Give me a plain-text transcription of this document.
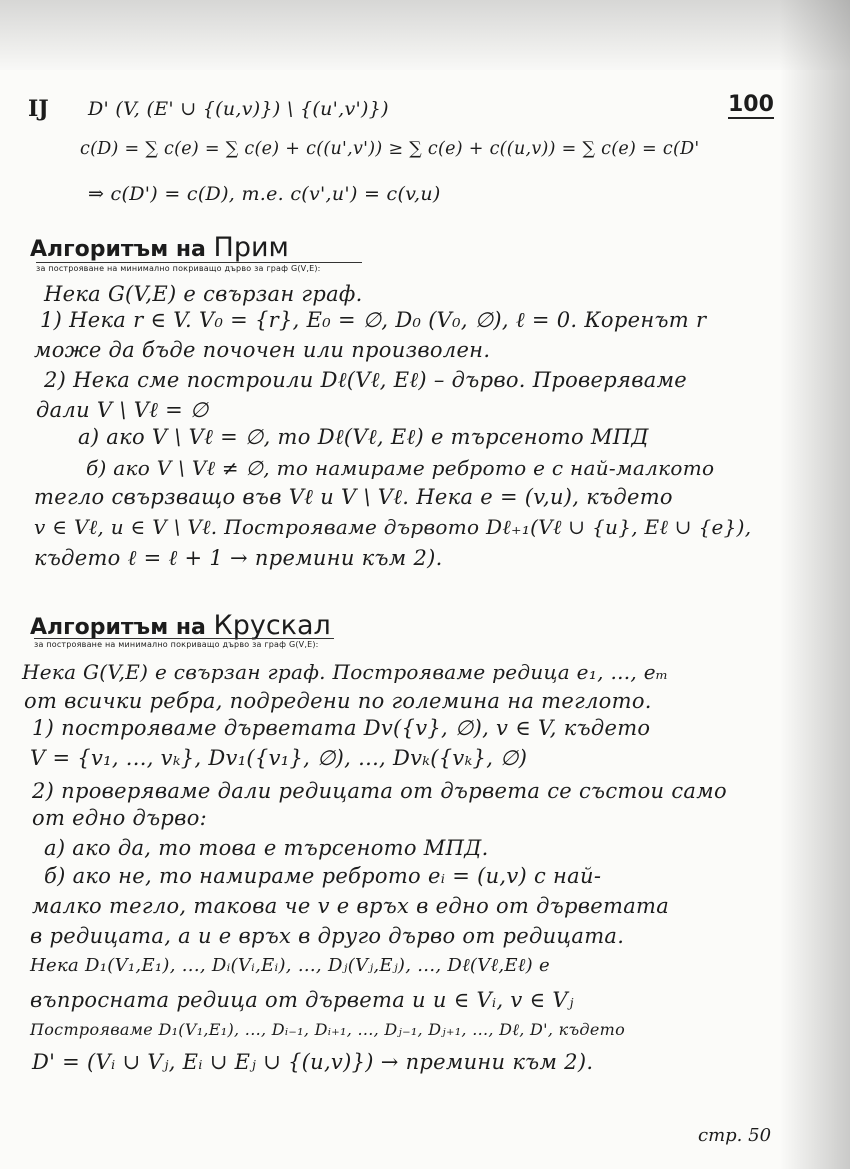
IJ	100
D' (V, (E' ∪ {(u,v)}) \ {(u',v')})
c(D) = ∑ c(e) = ∑ c(e) + c((u',v')) ≥ ∑ c(e) + c((u,v)) = ∑ c(e) = c(D'
⇒ c(D') = c(D), т.е. c(v',u') = c(v,u)
Алгоритъм на Прим
за построяване на минимално покриващо дърво за граф G(V,E):
Нека G(V,E) е свързан граф.
1) Нека r ∈ V. V₀ = {r}, E₀ = ∅, D₀ (V₀, ∅), ℓ = 0. Коренът r
може да бъде почочен или произволен.
2) Нека сме построили Dℓ(Vℓ, Eℓ) – дърво. Проверяваме
дали V \ Vℓ = ∅
а) ако V \ Vℓ = ∅, то Dℓ(Vℓ, Eℓ) е търсеното МПД
б) ако V \ Vℓ ≠ ∅, то намираме реброто e с най-малкото
тегло свързващо във Vℓ и V \ Vℓ. Нека e = (v,u), където
v ∈ Vℓ, u ∈ V \ Vℓ. Построяваме дървото Dℓ₊₁(Vℓ ∪ {u}, Eℓ ∪ {e}),
където ℓ = ℓ + 1 → премини към 2).
Алгоритъм на Крускал
за построяване на минимално покриващо дърво за граф G(V,E):
Нека G(V,E) е свързан граф. Построяваме редица e₁, ..., eₘ
от всички ребра, подредени по големина на теглото.
1) построяваме дърветата Dv({v}, ∅), v ∈ V, където
V = {v₁, ..., vₖ}, Dv₁({v₁}, ∅), ..., Dvₖ({vₖ}, ∅)
2) проверяваме дали редицата от дървета се състои само
от едно дърво:
а) ако да, то това е търсеното МПД.
б) ако не, то намираме реброто eᵢ = (u,v) с най-
малко тегло, такова че v е връх в едно от дърветата
в редицата, а u е връх в друго дърво от редицата.
Нека D₁(V₁,E₁), ..., Dᵢ(Vᵢ,Eᵢ), ..., Dⱼ(Vⱼ,Eⱼ), ..., Dℓ(Vℓ,Eℓ) е
въпросната редица от дървета и u ∈ Vᵢ, v ∈ Vⱼ
Построяваме D₁(V₁,E₁), ..., Dᵢ₋₁, Dᵢ₊₁, ..., Dⱼ₋₁, Dⱼ₊₁, ..., Dℓ, D', където
D' = (Vᵢ ∪ Vⱼ, Eᵢ ∪ Eⱼ ∪ {(u,v)}) → премини към 2).
стр. 50
